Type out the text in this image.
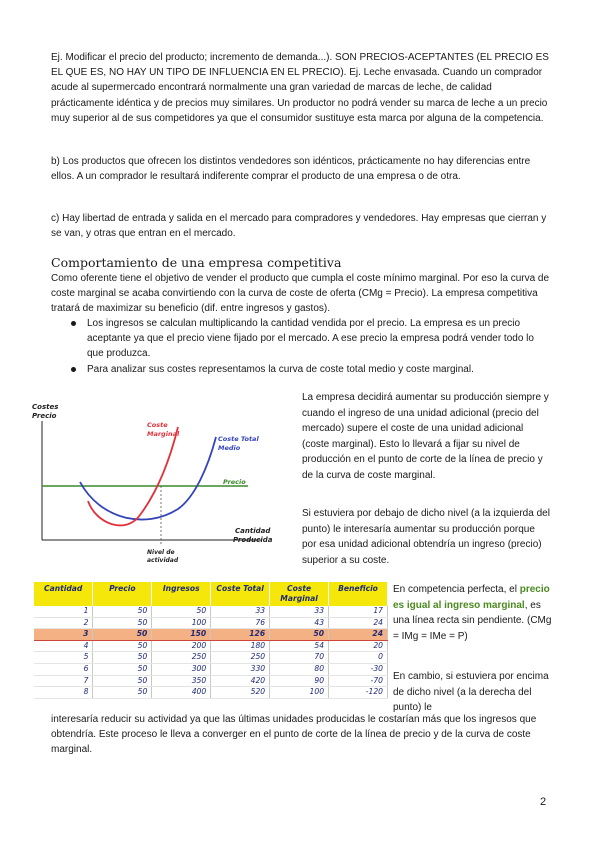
Ej. Modificar el precio del producto; incremento de demanda...). SON PRECIOS-ACEPTANTES (EL PRECIO ES EL QUE ES, NO HAY UN TIPO DE INFLUENCIA EN EL PRECIO). Ej. Leche envasada. Cuando un comprador acude al supermercado encontrará normalmente una gran variedad de marcas de leche, de calidad prácticamente idéntica y de precios muy similares. Un productor no podrá vender su marca de leche a un precio muy superior al de sus competidores ya que el consumidor sustituye esta marca por alguna de la competencia.

b) Los productos que ofrecen los distintos vendedores son idénticos, prácticamente no hay diferencias entre ellos. A un comprador le resultará indiferente comprar el producto de una empresa o de otra.

c) Hay libertad de entrada y salida en el mercado para compradores y vendedores. Hay empresas que cierran y se van, y otras que entran en el mercado.

Comportamiento de una empresa competitiva

Como oferente tiene el objetivo de vender el producto que cumpla el coste mínimo marginal. Por eso la curva de coste marginal se acaba convirtiendo con la curva de coste de oferta (CMg = Precio). La empresa competitiva tratará de maximizar su beneficio (dif. entre ingresos y gastos).

Los ingresos se calculan multiplicando la cantidad vendida por el precio. La empresa es un precio aceptante ya que el precio viene fijado por el mercado. A ese precio la empresa podrá vender todo lo que produzca.
Para analizar sus costes representamos la curva de coste total medio y coste marginal.
Costes
Precio
Precio
Coste
Marginal
Coste Total
Medio
Cantidad
Producida
Nivel de
actividad

La empresa decidirá aumentar su producción siempre y cuando el ingreso de una unidad adicional (precio del mercado) supere el coste de una unidad adicional (coste marginal). Esto lo llevará a fijar su nivel de producción en el punto de corte de la línea de precio y de la curva de coste marginal.

Si estuviera por debajo de dicho nivel (a la izquierda del punto) le interesaría aumentar su producción porque por esa unidad adicional obtendría un ingreso (precio) superior a su coste.

Cantidad	Precio	Ingresos	Coste Total	Coste Marginal	Beneficio
1	50	50	33	33	17
2	50	100	76	43	24
3	50	150	126	50	24
4	50	200	180	54	20
5	50	250	250	70	0
6	50	300	330	80	-30
7	50	350	420	90	-70
8	50	400	520	100	-120

En competencia perfecta, el precio es igual al ingreso marginal, es una línea recta sin pendiente. (CMg = IMg = IMe = P)

En cambio, si estuviera por encima de dicho nivel (a la derecha del punto) le

interesaría reducir su actividad ya que las últimas unidades producidas le costarían más que los ingresos que obtendría. Este proceso le lleva a converger en el punto de corte de la línea de precio y de la curva de coste marginal.

2
